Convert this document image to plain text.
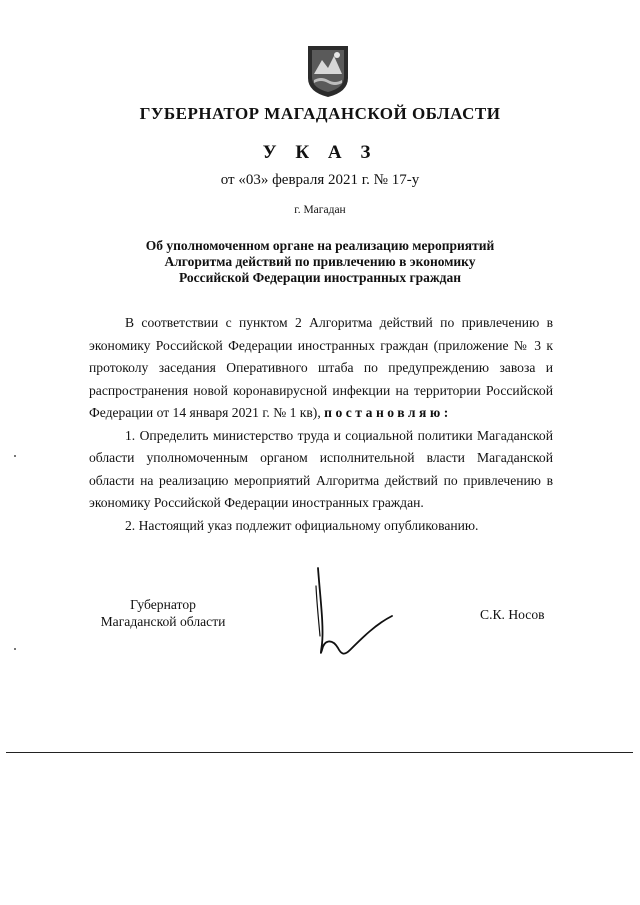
ГУБЕРНАТОР МАГАДАНСКОЙ ОБЛАСТИ
У К А З
от «03» февраля 2021 г. № 17-у
г. Магадан
Об уполномоченном органе на реализацию мероприятий
Алгоритма действий по привлечению в экономику
Российской Федерации иностранных граждан

В соответствии с пунктом 2 Алгоритма действий по привлечению в экономику Российской Федерации иностранных граждан (приложение № 3 к протоколу заседания Оперативного штаба по предупреждению завоза и распространения новой коронавирусной инфекции на территории Российской Федерации от 14 января 2021 г. № 1 кв), постановляю:

1. Определить министерство труда и социальной политики Магаданской области уполномоченным органом исполнительной власти Магаданской области на реализацию мероприятий Алгоритма действий по привлечению в экономику Российской Федерации иностранных граждан.

2. Настоящий указ подлежит официальному опубликованию.

Губернатор
Магаданской области	С.К. Носов
